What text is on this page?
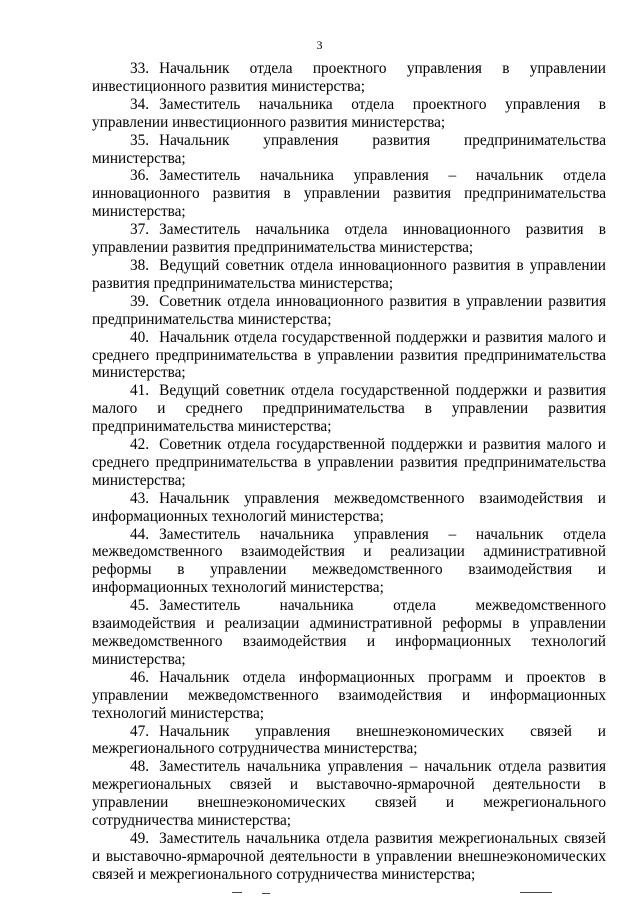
3

33. Начальник отдела проектного управления в управлении инвестиционного развития министерства;

34. Заместитель начальника отдела проектного управления в управлении инвестиционного развития министерства;

35. Начальник управления развития предпринимательства министерства;

36. Заместитель начальника управления – начальник отдела инновационного развития в управлении развития предпринимательства министерства;

37. Заместитель начальника отдела инновационного развития в управлении развития предпринимательства министерства;

38. Ведущий советник отдела инновационного развития в управлении развития предпринимательства министерства;

39. Советник отдела инновационного развития в управлении развития предпринимательства министерства;

40. Начальник отдела государственной поддержки и развития малого и среднего предпринимательства в управлении развития предпринимательства министерства;

41. Ведущий советник отдела государственной поддержки и развития малого и среднего предпринимательства в управлении развития предпринимательства министерства;

42. Советник отдела государственной поддержки и развития малого и среднего предпринимательства в управлении развития предпринимательства министерства;

43. Начальник управления межведомственного взаимодействия и информационных технологий министерства;

44. Заместитель начальника управления – начальник отдела межведомственного взаимодействия и реализации административной реформы в управлении межведомственного взаимодействия и информационных технологий министерства;

45. Заместитель начальника отдела межведомственного взаимодействия и реализации административной реформы в управлении межведомственного взаимодействия и информационных технологий министерства;

46. Начальник отдела информационных программ и проектов в управлении межведомственного взаимодействия и информационных технологий министерства;

47. Начальник управления внешнеэкономических связей и межрегионального сотрудничества министерства;

48. Заместитель начальника управления – начальник отдела развития межрегиональных связей и выставочно-ярмарочной деятельности в управлении внешнеэкономических связей и межрегионального сотрудничества министерства;

49. Заместитель начальника отдела развития межрегиональных связей и выставочно-ярмарочной деятельности в управлении внешнеэкономических связей и межрегионального сотрудничества министерства;
